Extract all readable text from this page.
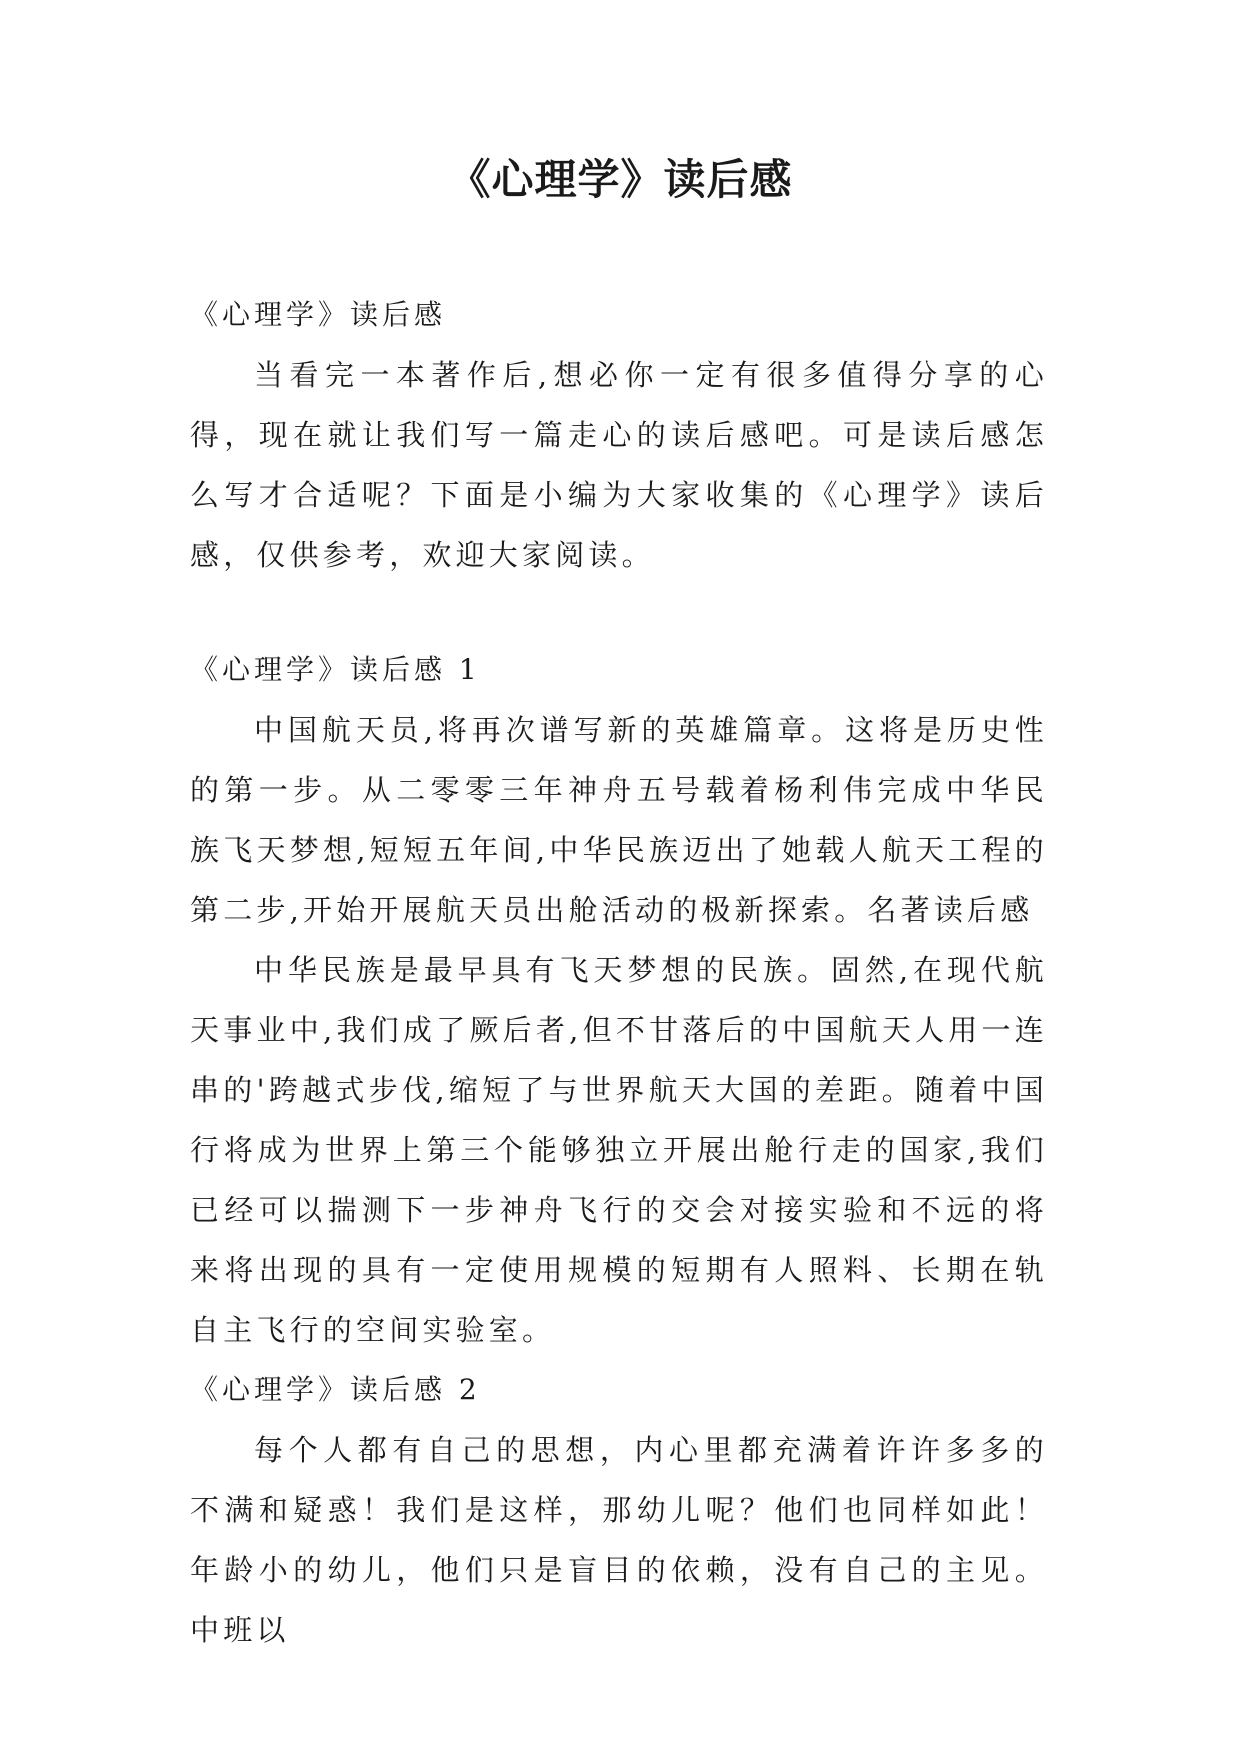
《心理学》读后感

《心理学》读后感

当看完一本著作后,想必你一定有很多值得分享的心得，现在就让我们写一篇走心的读后感吧。可是读后感怎么写才合适呢？下面是小编为大家收集的《心理学》读后感，仅供参考，欢迎大家阅读。

《心理学》读后感 1

中国航天员,将再次谱写新的英雄篇章。这将是历史性的第一步。从二零零三年神舟五号载着杨利伟完成中华民族飞天梦想,短短五年间,中华民族迈出了她载人航天工程的第二步,开始开展航天员出舱活动的极新探索。名著读后感

中华民族是最早具有飞天梦想的民族。固然,在现代航天事业中,我们成了厥后者,但不甘落后的中国航天人用一连串的'跨越式步伐,缩短了与世界航天大国的差距。随着中国行将成为世界上第三个能够独立开展出舱行走的国家,我们已经可以揣测下一步神舟飞行的交会对接实验和不远的将来将出现的具有一定使用规模的短期有人照料、长期在轨自主飞行的空间实验室。

《心理学》读后感 2

每个人都有自己的思想，内心里都充满着许许多多的不满和疑惑！我们是这样，那幼儿呢？他们也同样如此！年龄小的幼儿，他们只是盲目的依赖，没有自己的主见。中班以
